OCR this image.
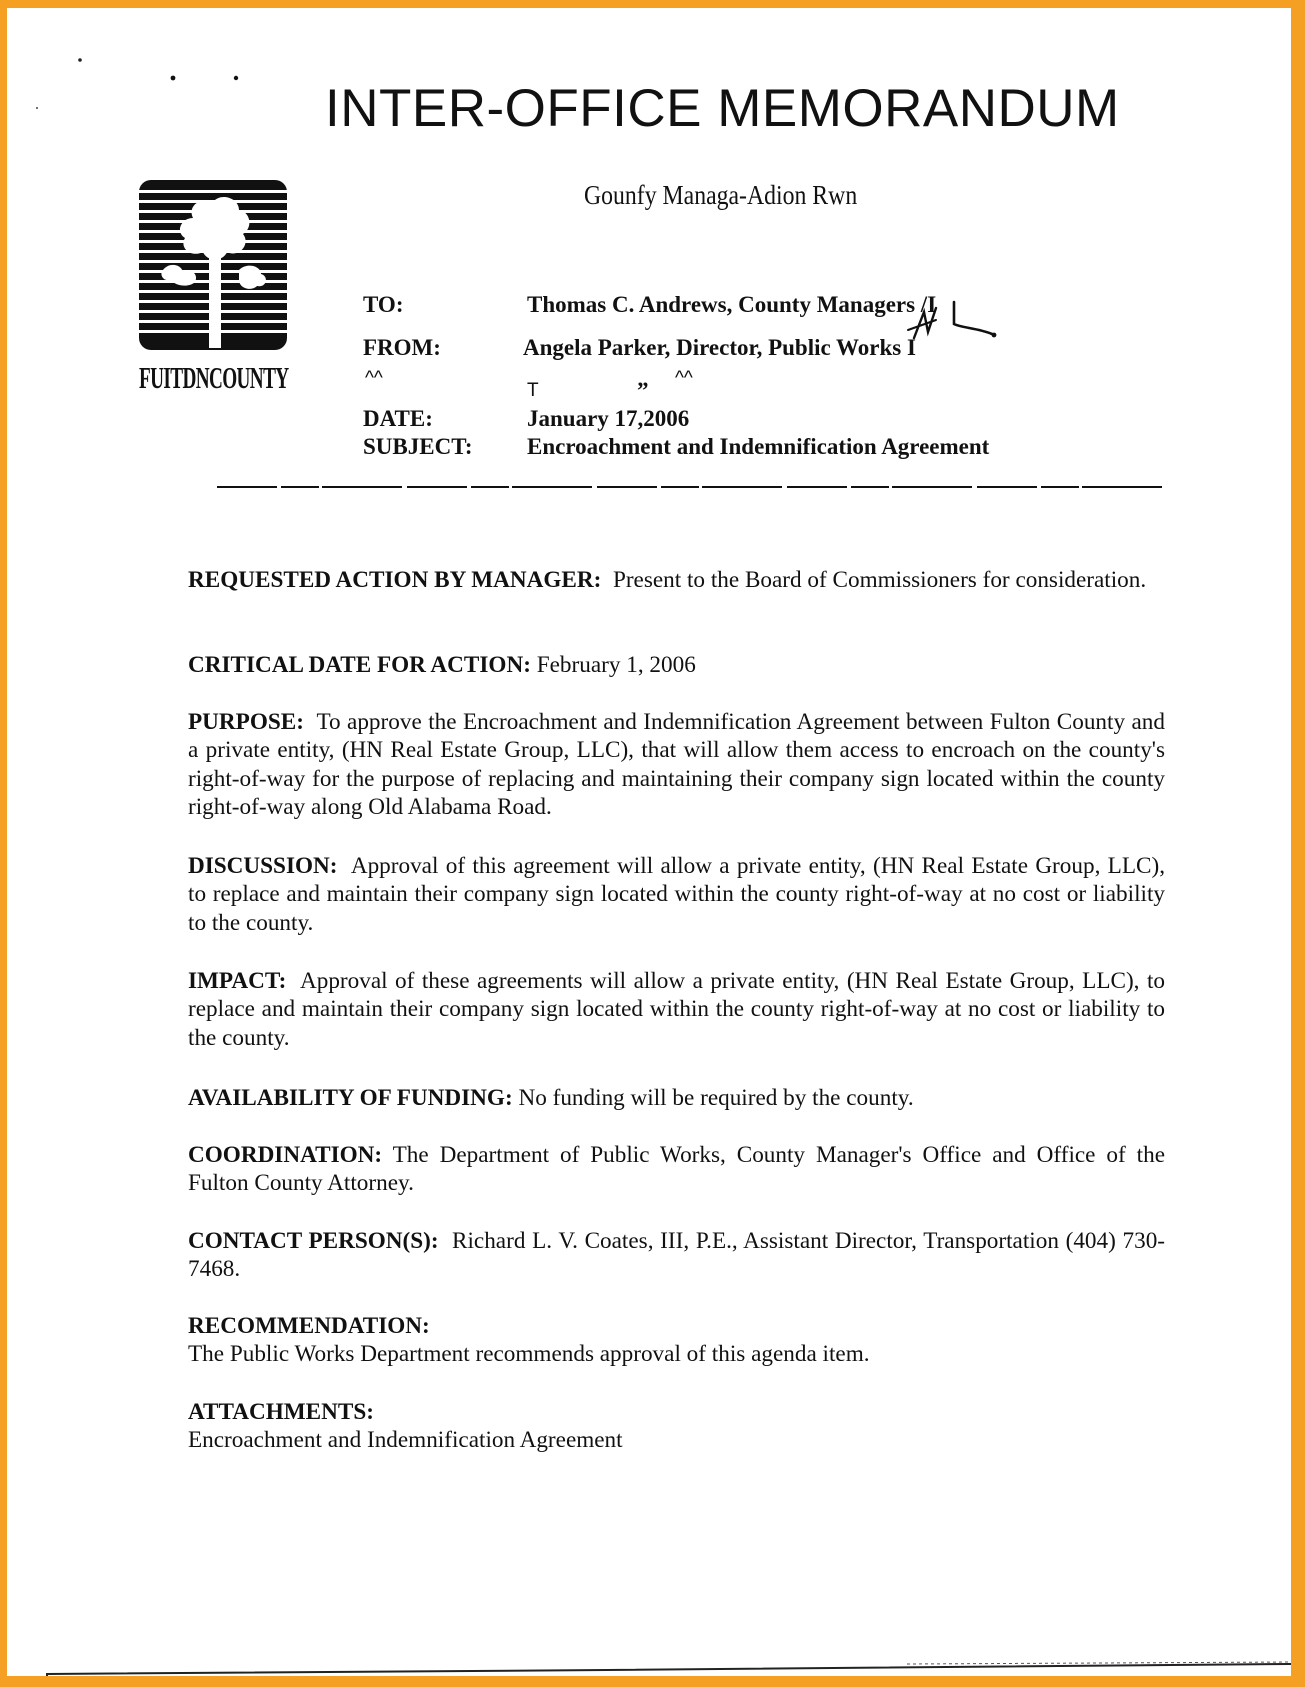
INTER-OFFICE MEMORANDUM
Gounfy Managa-Adion Rwn
FUITDNCOUNTY
TO:	Thomas C. Andrews, County Managers /I
FROM:	Angela Parker, Director, Public Works I
^^
T	” ^^
DATE:	January 17,2006
SUBJECT: Encroachment and Indemnification Agreement
REQUESTED ACTION BY MANAGER: Present to the Board of Commissioners for consideration.
CRITICAL DATE FOR ACTION: February 1, 2006
PURPOSE: To approve the Encroachment and Indemnification Agreement between Fulton County and a private entity, (HN Real Estate Group, LLC), that will allow them access to encroach on the county's right-of-way for the purpose of replacing and maintaining their company sign located within the county right-of-way along Old Alabama Road.
DISCUSSION: Approval of this agreement will allow a private entity, (HN Real Estate Group, LLC), to replace and maintain their company sign located within the county right-of-way at no cost or liability to the county.
IMPACT: Approval of these agreements will allow a private entity, (HN Real Estate Group, LLC), to replace and maintain their company sign located within the county right-of-way at no cost or liability to the county.
AVAILABILITY OF FUNDING: No funding will be required by the county.
COORDINATION: The Department of Public Works, County Manager's Office and Office of the Fulton County Attorney.
CONTACT PERSON(S): Richard L. V. Coates, III, P.E., Assistant Director, Transportation (404) 730-7468.
RECOMMENDATION:
The Public Works Department recommends approval of this agenda item.
ATTACHMENTS:
Encroachment and Indemnification Agreement
